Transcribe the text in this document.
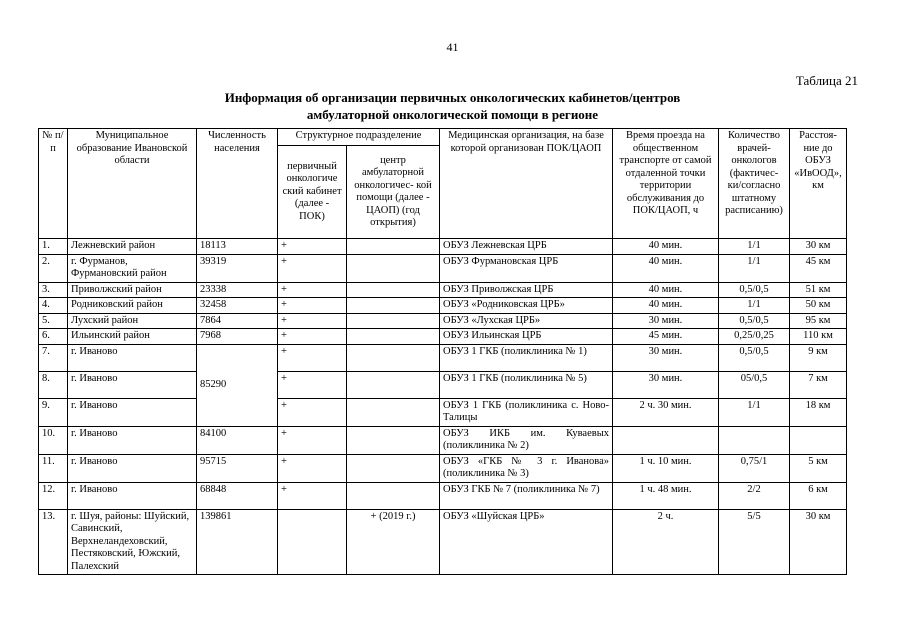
41
Таблица 21
Информация об организации первичных онкологических кабинетов/центров
амбулаторной онкологической помощи в регионе
№ п/п	Муниципальное образование Ивановской области	Численность населения	Структурное подразделение		Медицинская организация, на базе которой организован ПОК/ЦАОП	Время проезда на общественном транспорте от самой отдаленной точки территории обслуживания до ПОК/ЦАОП, ч	Количество врачей- онкологов (фактичес- ки/согласно штатному расписанию)	Расстоя- ние до ОБУЗ «ИвООД», км
			первичный онкологиче ский кабинет (далее - ПОК)	центр амбулаторной онкологичес- кой помощи (далее - ЦАОП) (год открытия)				
1.	Лежневский район	18113	+		ОБУЗ Лежневская ЦРБ	40 мин.	1/1	30 км
2.	г. Фурманов, Фурмановский район	39319	+		ОБУЗ Фурмановская ЦРБ	40 мин.	1/1	45 км
3.	Приволжский район	23338	+		ОБУЗ Приволжская ЦРБ	40 мин.	0,5/0,5	51 км
4.	Родниковский район	32458	+		ОБУЗ «Родниковская ЦРБ»	40 мин.	1/1	50 км
5.	Лухский район	7864	+		ОБУЗ «Лухская ЦРБ»	30 мин.	0,5/0,5	95 км
6.	Ильинский район	7968	+		ОБУЗ Ильинская ЦРБ	45 мин.	0,25/0,25	110 км
7.	г. Иваново	85290	+		ОБУЗ 1 ГКБ (поликлиника № 1)	30 мин.	0,5/0,5	9 км
8.	г. Иваново		+		ОБУЗ 1 ГКБ (поликлиника № 5)	30 мин.	05/0,5	7 км
9.	г. Иваново		+		ОБУЗ 1 ГКБ (поликлиника с. Ново-Талицы	2 ч. 30 мин.	1/1	18 км
10.	г. Иваново	84100	+		ОБУЗ ИКБ им. Куваевых (поликлиника № 2)			
11.	г. Иваново	95715	+		ОБУЗ «ГКБ № 3 г. Иванова» (поликлиника № 3)	1 ч. 10 мин.	0,75/1	5 км
12.	г. Иваново	68848	+		ОБУЗ ГКБ № 7 (поликлиника № 7)	1 ч. 48 мин.	2/2	6 км
13.	г. Шуя, районы: Шуйский, Савинский, Верхнеландеховский, Пестяковский, Южский, Палехский	139861		+ (2019 г.)	ОБУЗ «Шуйская ЦРБ»	2 ч.	5/5	30 км
